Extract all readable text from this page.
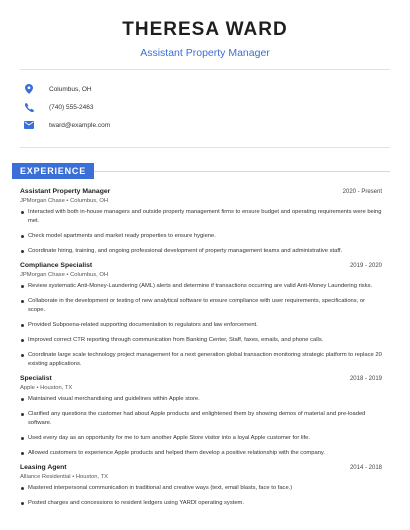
THERESA WARD
Assistant Property Manager
Columbus, OH
(740) 555-2463
tward@example.com
EXPERIENCE
Assistant Property Manager	2020 - Present
JPMorgan Chase • Columbus, OH
Interacted with both in-house managers and outside property management firms to ensure budget and operating requirements were being met.
Check model apartments and market ready properties to ensure hygiene.
Coordinate hiring, training, and ongoing professional development of property management teams and administrative staff.
Compliance Specialist	2019 - 2020
JPMorgan Chase • Columbus, OH
Review systematic Anti-Money-Laundering (AML) alerts and determine if transactions occurring are valid Anti-Money Laundering risks.
Collaborate in the development or testing of new analytical software to ensure compliance with user requirements, specifications, or scope.
Provided Subpoena-related supporting documentation to regulators and law enforcement.
Improved correct CTR reporting through communication from Banking Center, Staff, faxes, emails, and phone calls.
Coordinate large scale technology project management for a next generation global transaction monitoring strategic platform to replace 20 existing applications.
Specialist	2018 - 2019
Apple • Houston, TX
Maintained visual merchandising and guidelines within Apple store.
Clarified any questions the customer had about Apple products and enlightened them by showing demos of material and pre-loaded software.
Used every day as an opportunity for me to turn another Apple Store visitor into a loyal Apple customer for life.
Allowed customers to experience Apple products and helped them develop a positive relationship with the company.
Leasing Agent	2014 - 2018
Alliance Residential • Houston, TX
Mastered interpersonal communication in traditional and creative ways (text, email blasts, face to face.)
Posted charges and concessions to resident ledgers using YARDI operating system.
